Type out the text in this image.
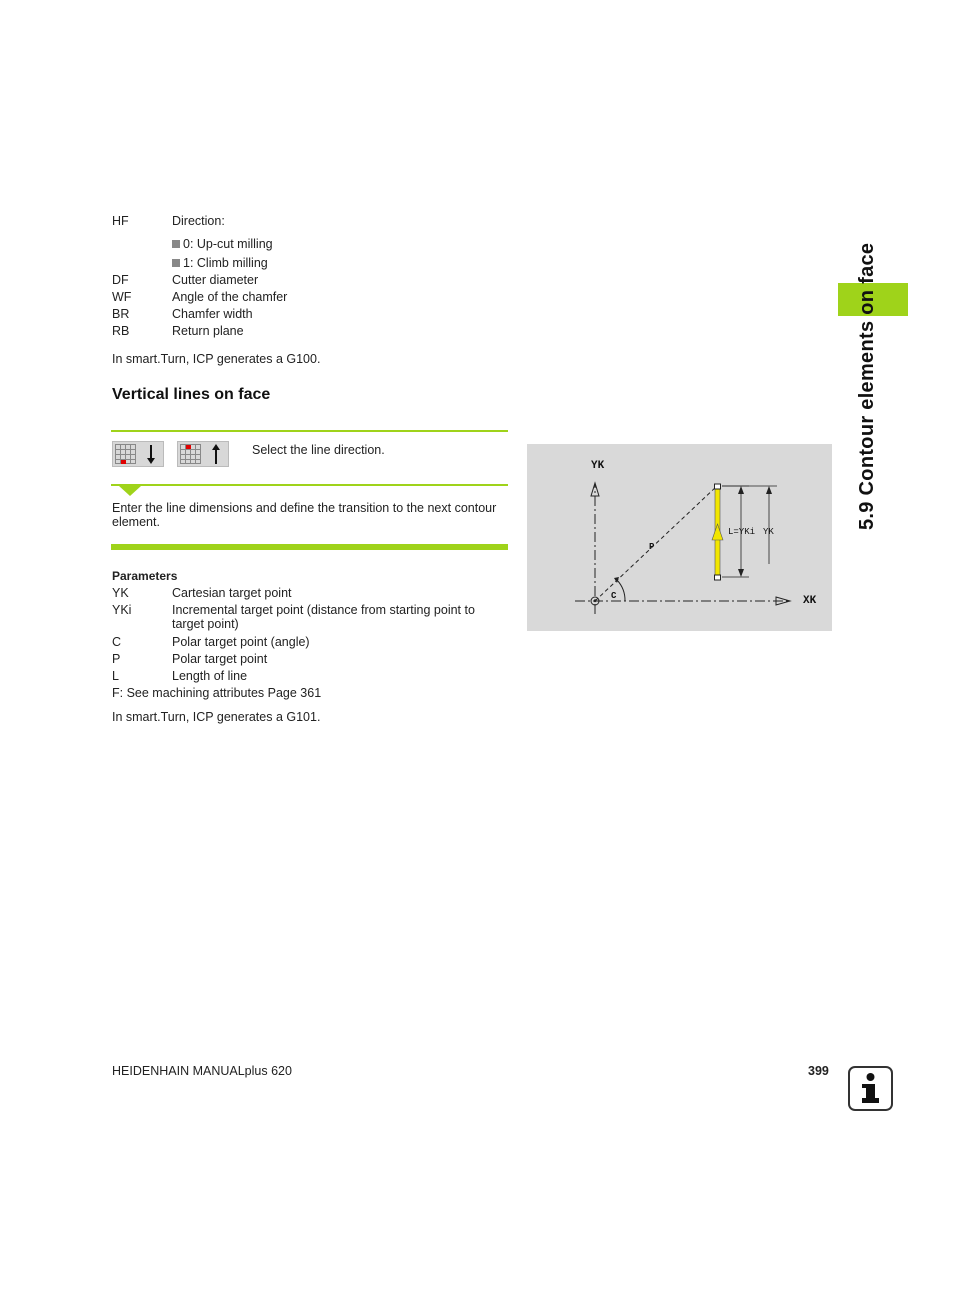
HF	Direction:
0: Up-cut milling
1: Climb milling
DF	Cutter diameter
WF	Angle of the chamfer
BR	Chamfer width
RB	Return plane
In smart.Turn, ICP generates a G100.
Vertical lines on face
Select the line direction.
Enter the line dimensions and define the transition to the next contour element.
Parameters
YK	Cartesian target point
YKi	Incremental target point (distance from starting point to target point)
C	Polar target point (angle)
P	Polar target point
L	Length of line
F: See machining attributes Page 361
In smart.Turn, ICP generates a G101.
YK
XK
P
C
L=YKi YK
5.9 Contour elements on face
HEIDENHAIN MANUALplus 620	399
